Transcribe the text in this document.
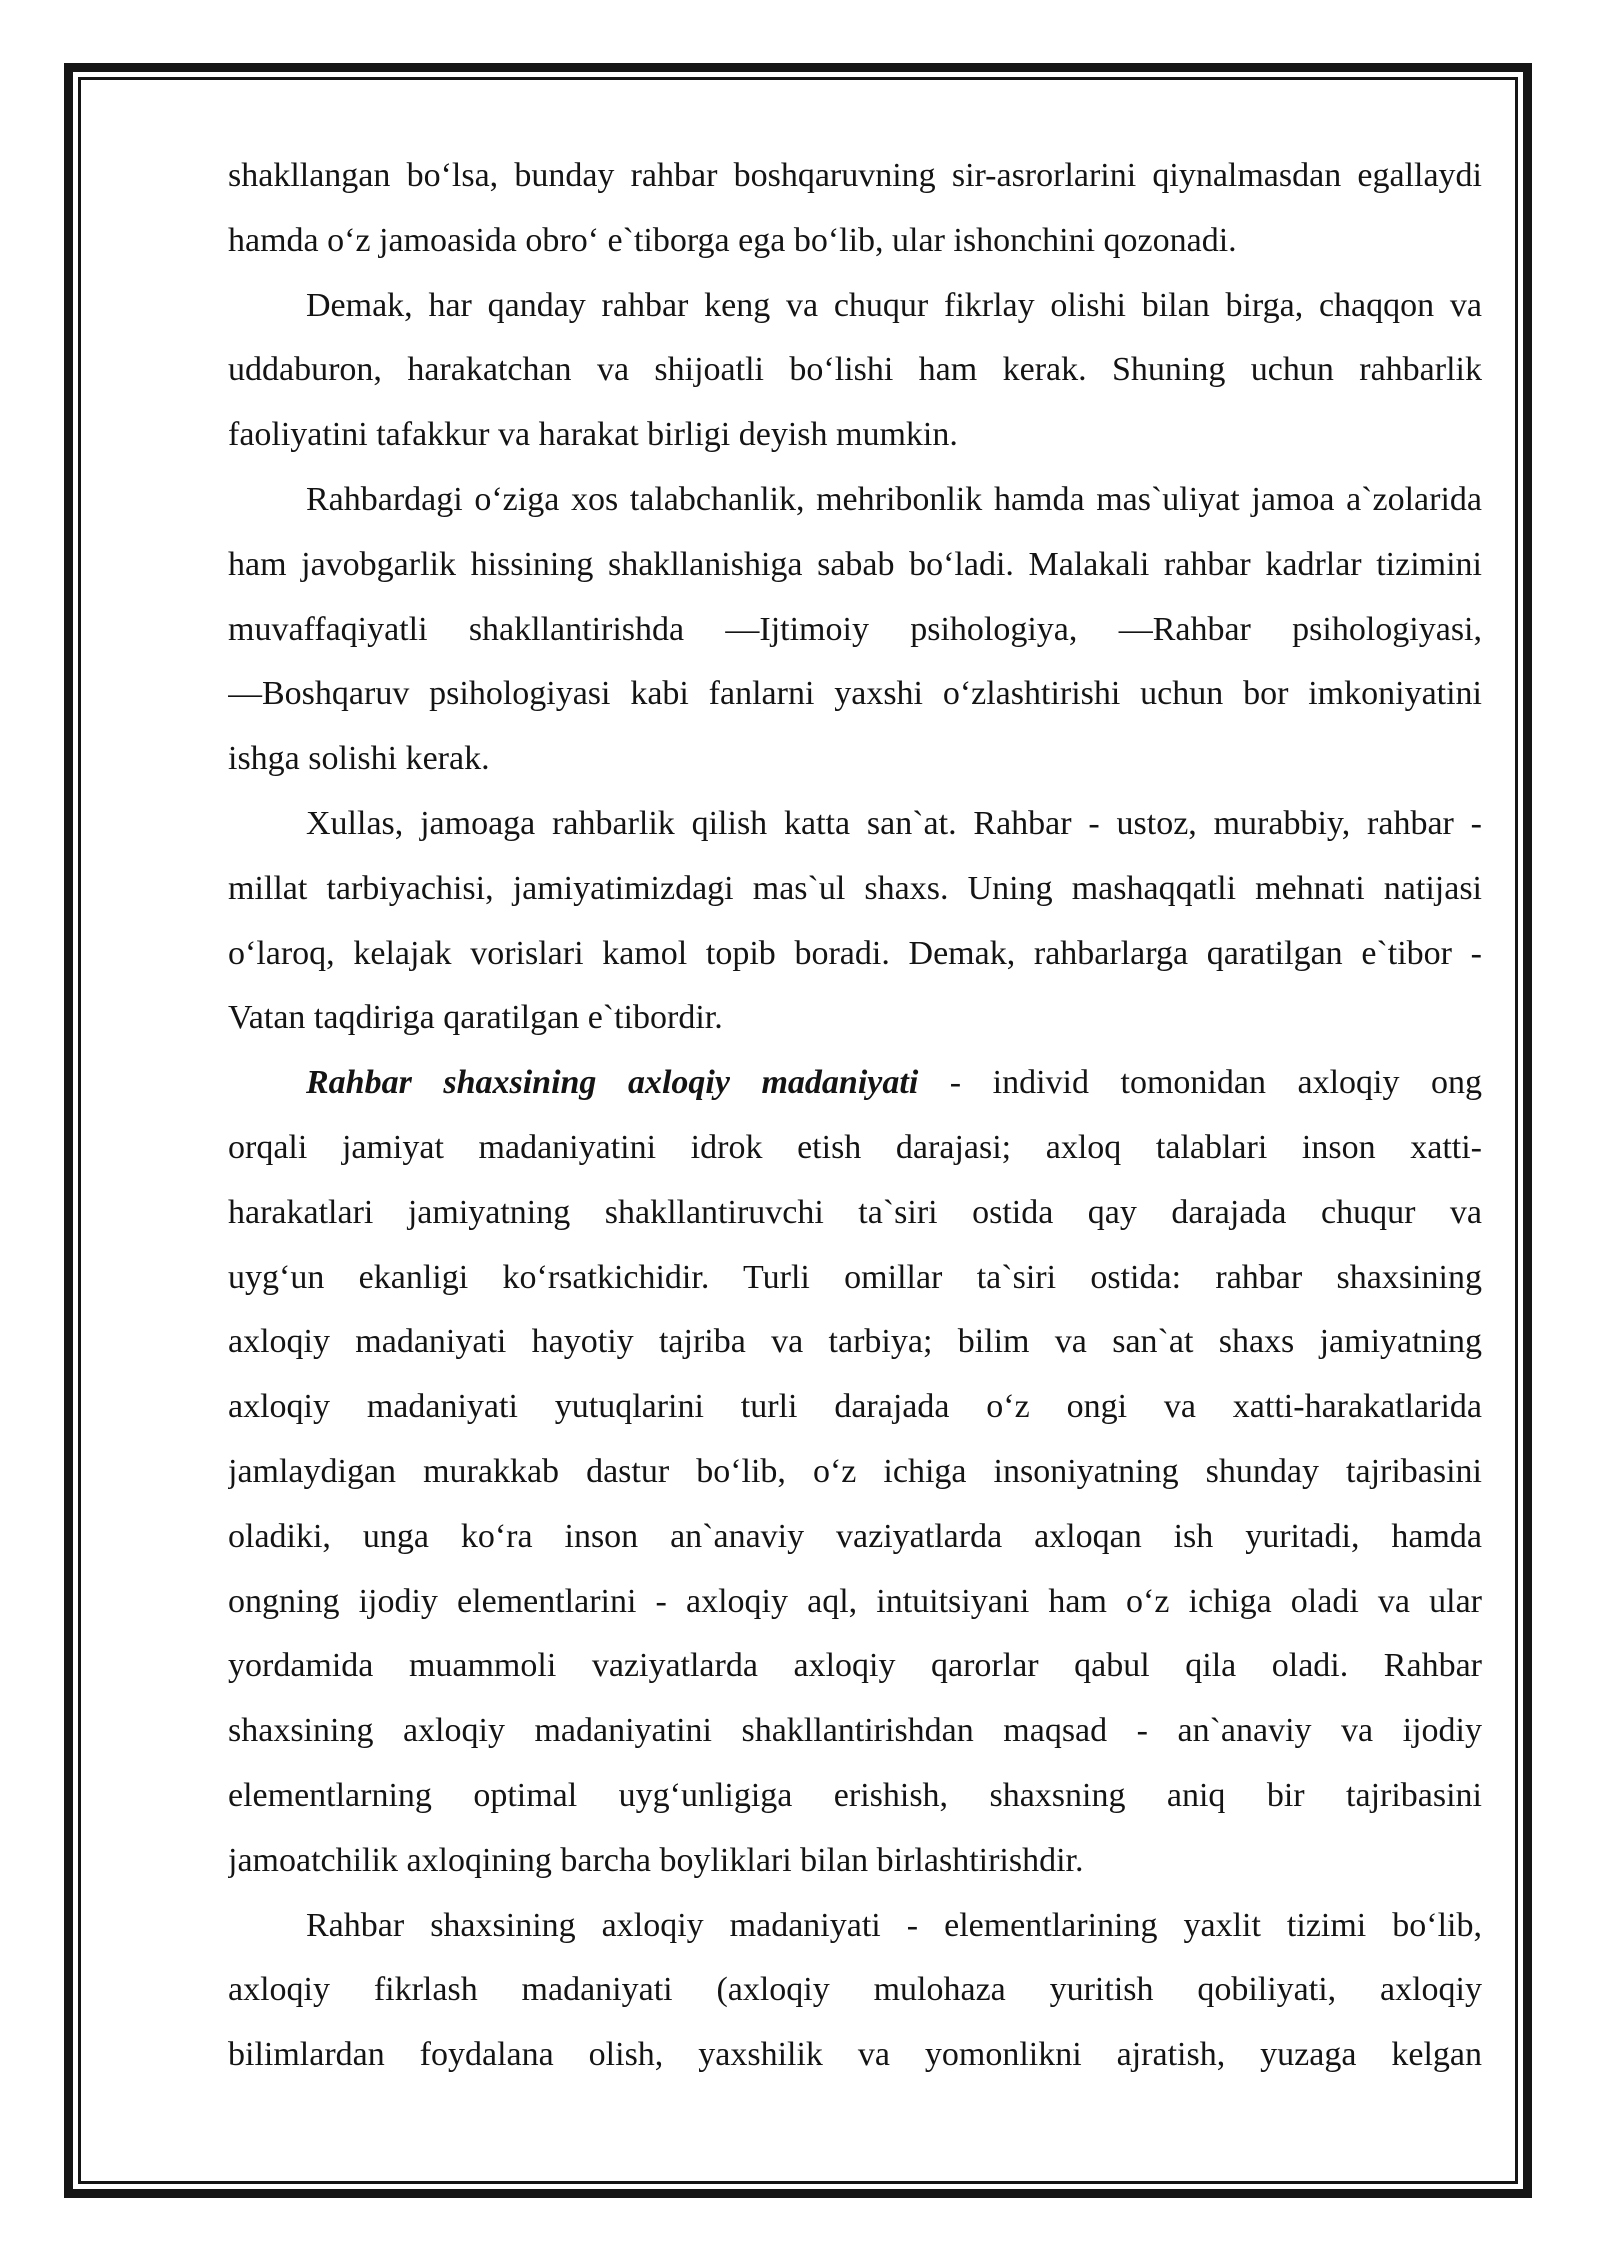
shakllangan bo‘lsa, bunday rahbar boshqaruvning sir-asrorlarini qiynalmasdan egallaydi
hamda o‘z jamoasida obro‘ e`tiborga ega bo‘lib, ular ishonchini qozonadi.
Demak, har qanday rahbar keng va chuqur fikrlay olishi bilan birga, chaqqon va
uddaburon, harakatchan va shijoatli bo‘lishi ham kerak. Shuning uchun rahbarlik
faoliyatini tafakkur va harakat birligi deyish mumkin.
Rahbardagi o‘ziga xos talabchanlik, mehribonlik hamda mas`uliyat jamoa a`zolarida
ham javobgarlik hissining shakllanishiga sabab bo‘ladi. Malakali rahbar kadrlar tizimini
muvaffaqiyatli shakllantirishda ―Ijtimoiy psihologiya, ―Rahbar psihologiyasi,
―Boshqaruv psihologiyasi kabi fanlarni yaxshi o‘zlashtirishi uchun bor imkoniyatini
ishga solishi kerak.
Xullas, jamoaga rahbarlik qilish katta san`at. Rahbar - ustoz, murabbiy, rahbar -
millat tarbiyachisi, jamiyatimizdagi mas`ul shaxs. Uning mashaqqatli mehnati natijasi
o‘laroq, kelajak vorislari kamol topib boradi. Demak, rahbarlarga qaratilgan e`tibor -
Vatan taqdiriga qaratilgan e`tibordir.
Rahbar shaxsining axloqiy madaniyati - individ tomonidan axloqiy ong
orqali jamiyat madaniyatini idrok etish darajasi; axloq talablari inson xatti-
harakatlari jamiyatning shakllantiruvchi ta`siri ostida qay darajada chuqur va
uyg‘un ekanligi ko‘rsatkichidir. Turli omillar ta`siri ostida: rahbar shaxsining
axloqiy madaniyati hayotiy tajriba va tarbiya; bilim va san`at shaxs jamiyatning
axloqiy madaniyati yutuqlarini turli darajada o‘z ongi va xatti-harakatlarida
jamlaydigan murakkab dastur bo‘lib, o‘z ichiga insoniyatning shunday tajribasini
oladiki, unga ko‘ra inson an`anaviy vaziyatlarda axloqan ish yuritadi, hamda
ongning ijodiy elementlarini - axloqiy aql, intuitsiyani ham o‘z ichiga oladi va ular
yordamida muammoli vaziyatlarda axloqiy qarorlar qabul qila oladi. Rahbar
shaxsining axloqiy madaniyatini shakllantirishdan maqsad - an`anaviy va ijodiy
elementlarning optimal uyg‘unligiga erishish, shaxsning aniq bir tajribasini
jamoatchilik axloqining barcha boyliklari bilan birlashtirishdir.
Rahbar shaxsining axloqiy madaniyati - elementlarining yaxlit tizimi bo‘lib,
axloqiy fikrlash madaniyati (axloqiy mulohaza yuritish qobiliyati, axloqiy
bilimlardan foydalana olish, yaxshilik va yomonlikni ajratish, yuzaga kelgan
